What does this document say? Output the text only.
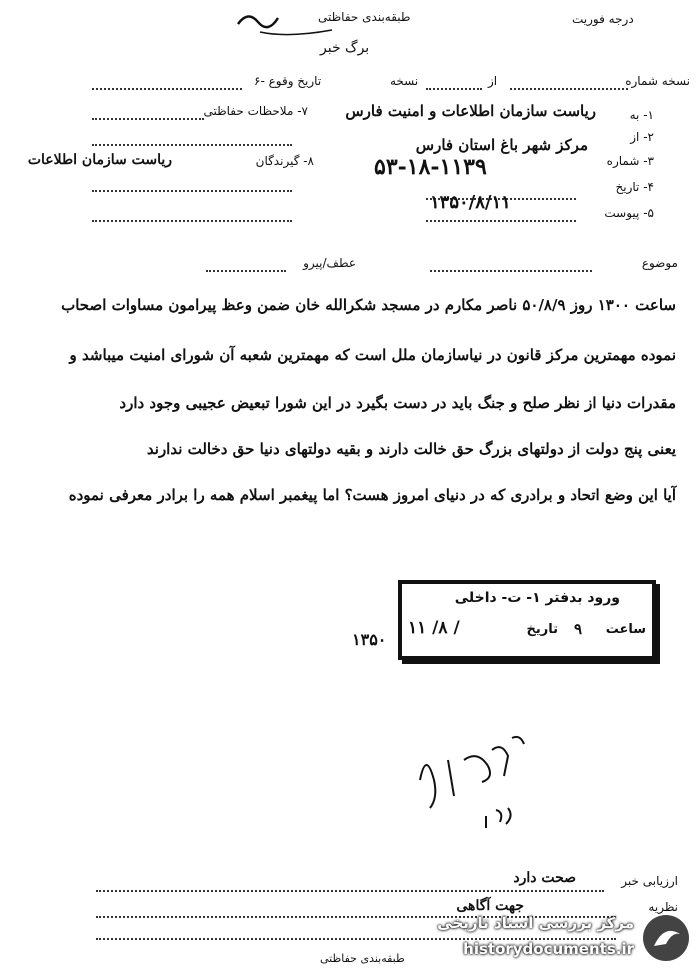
طبقه‌بندی حفاظتی	درجه فوریت
برگ خبر
نسخه شماره
از
نسخه
۶- تاریخ وقوع
۱- به
ریاست سازمان اطلاعات و امنیت فارس
۷- ملاحظات حفاظتی
۲- از
مرکز شهر باغ استان فارس
۳- شماره
۵۳-۱۸-۱۱۳۹
۸- گیرندگان
ریاست سازمان اطلاعات
۴- تاریخ
۱۳۵۰/۸/۱۱	۵- پیوست
موضوع
عطف/پیرو
ساعت ۱۳۰۰ روز ۵۰/۸/۹ ناصر مکارم در مسجد شکرالله خان ضمن وعظ پیرامون مساوات اصحاب
نموده مهمترین مرکز قانون در نیاسازمان ملل است که مهمترین شعبه آن شورای امنیت میباشد و
مقدرات دنیا از نظر صلح و جنگ باید در دست بگیرد در این شورا تبعیض عجیبی وجود دارد
یعنی پنج دولت از دولتهای بزرگ حق خالت دارند و بقیه دولتهای دنیا حق دخالت ندارند
آیا این وضع اتحاد و برادری که در دنیای امروز هست؟ اما پیغمبر اسلام همه را برادر معرفی نموده
ورود بدفتر ۱- ت- داخلی
ساعت
۹
تاریخ
۱۱ /۸ /
۱۳۵۰
ارزیابی خبر
صحت دارد
نظریه
جهت آگاهی
طبقه‌بندی حفاظتی
مرکز بررسی اسناد تاریخی
historydocuments.ir
